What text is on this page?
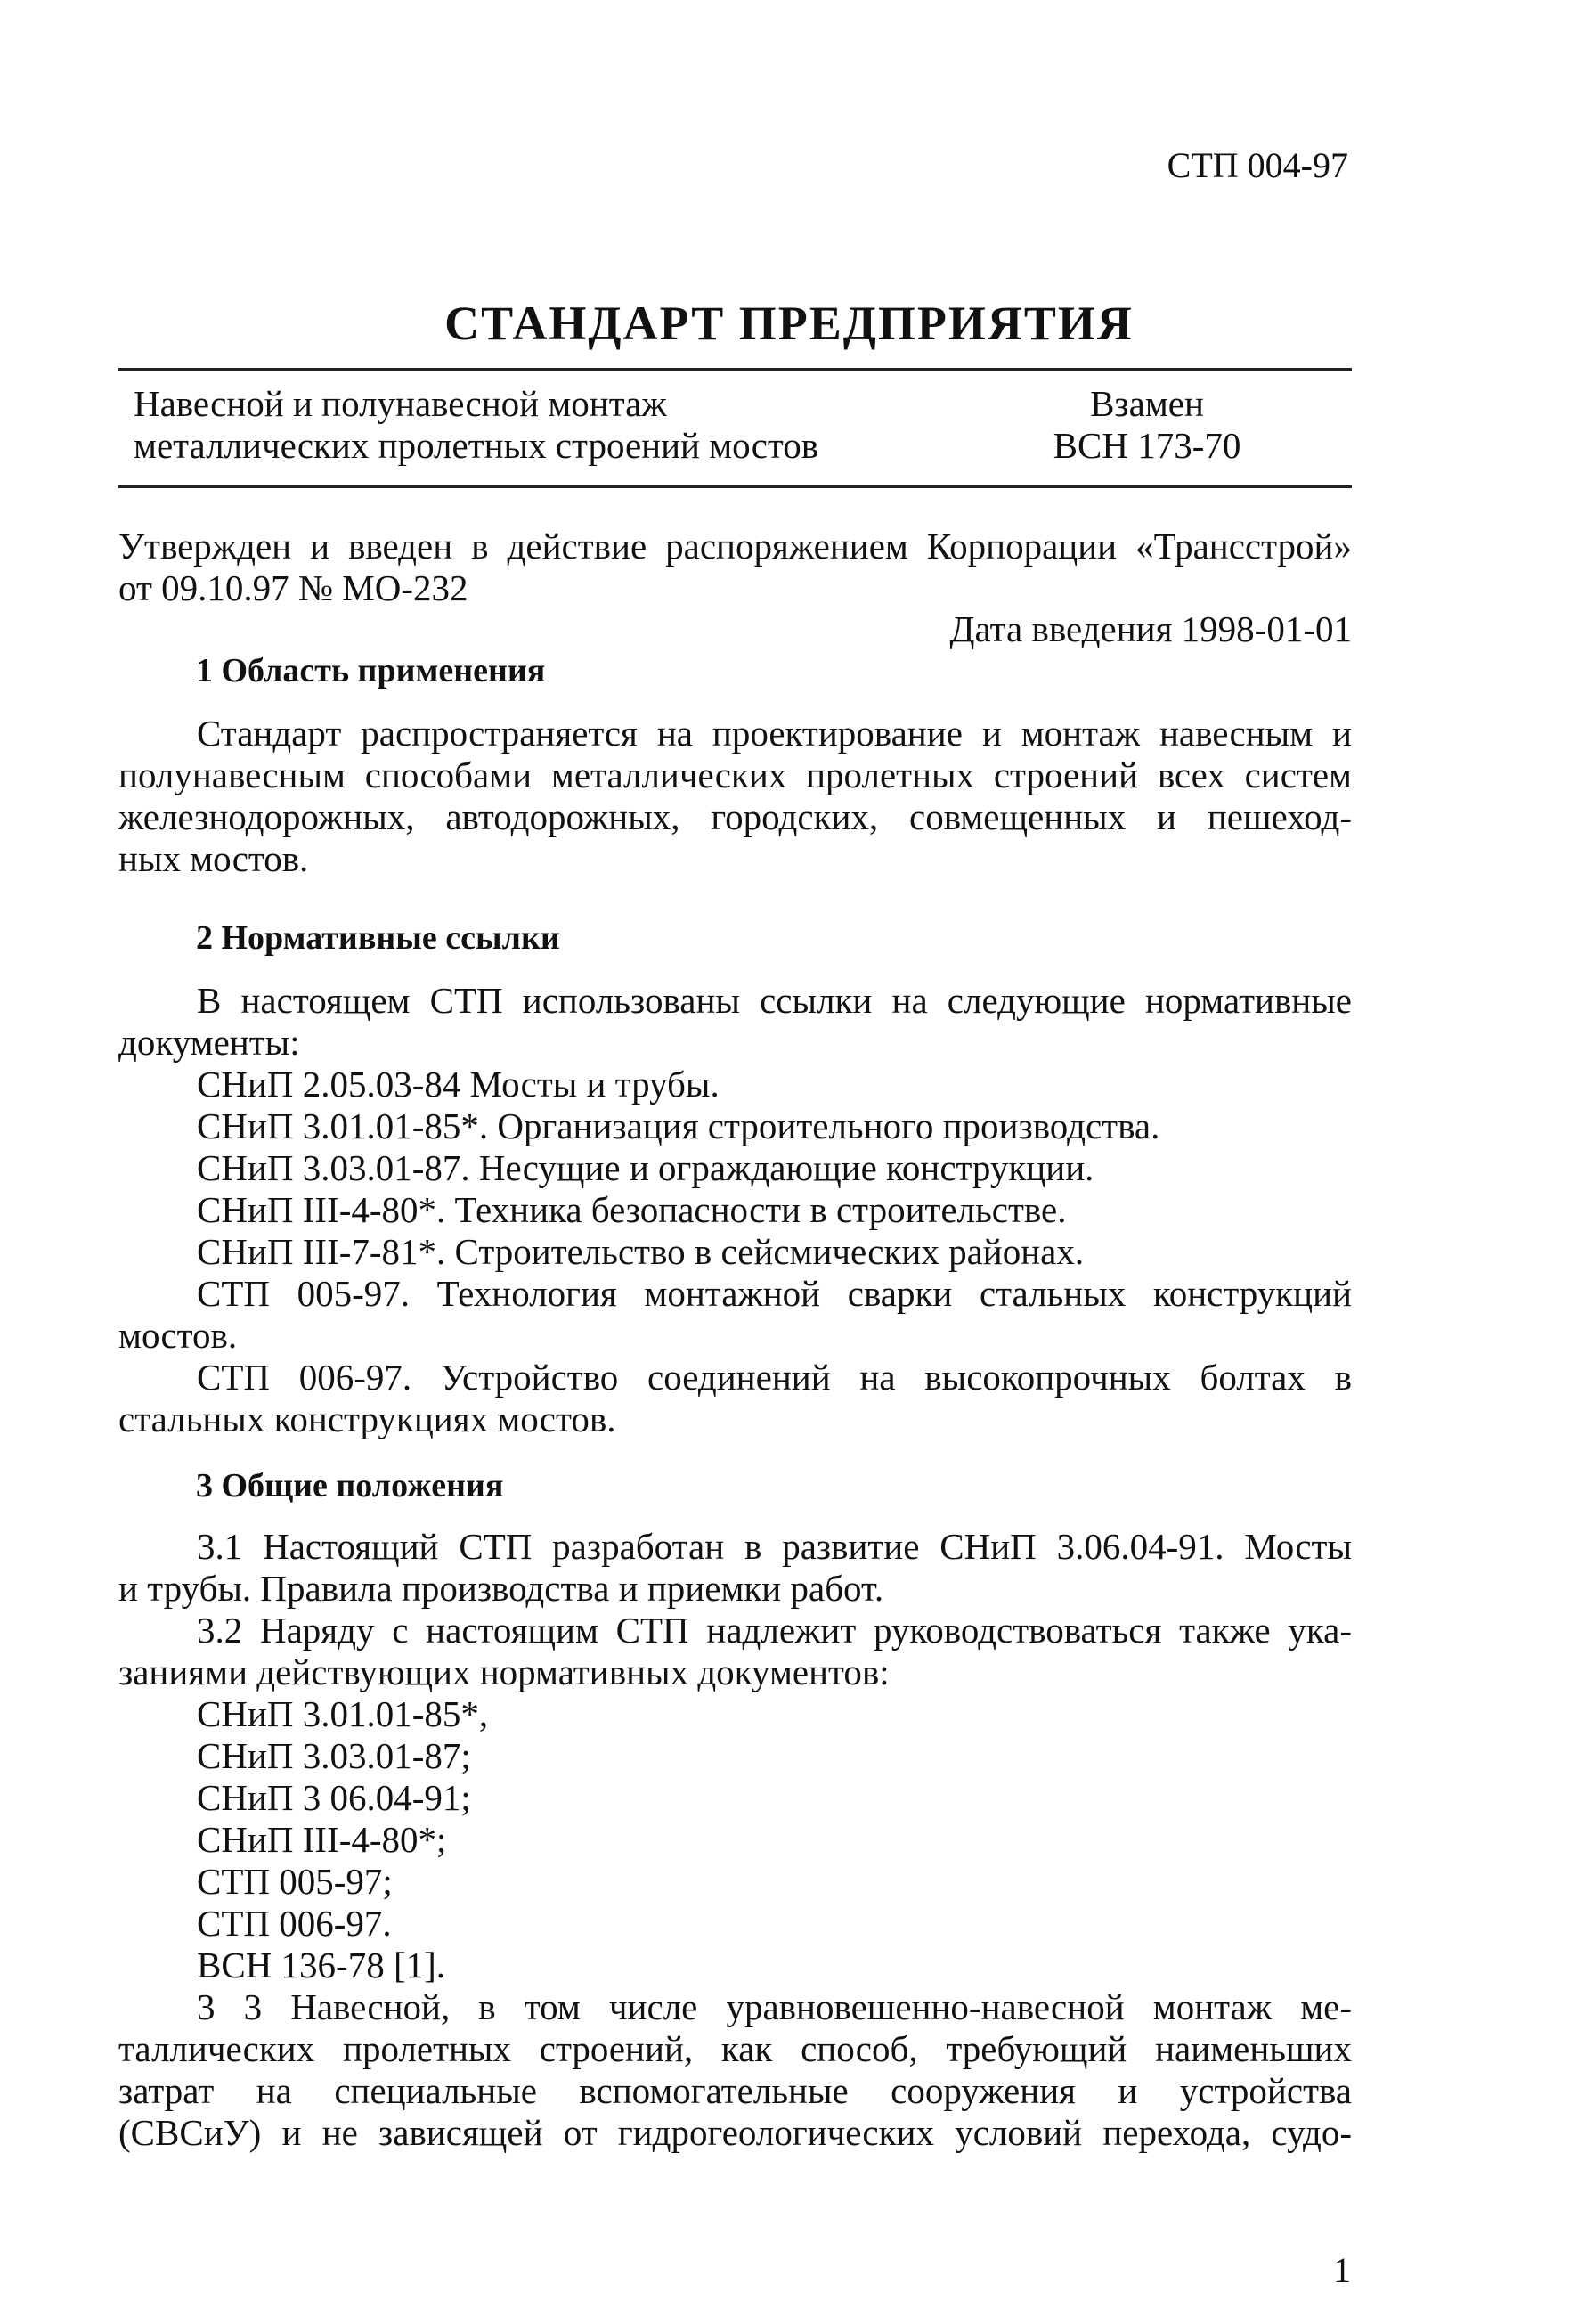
СТП 004-97
СТАНДАРТ ПРЕДПРИЯТИЯ
Навесной и полунавесной монтаж
металлических пролетных строений мостов
Взамен
ВСН 173-70
Утвержден и введен в действие распоряжением Корпорации «Трансстрой»
от 09.10.97 № МО-232
Дата введения 1998-01-01
1 Область применения
Стандарт распространяется на проектирование и монтаж навесным и
полунавесным способами металлических пролетных строений всех систем
железнодорожных, автодорожных, городских, совмещенных и пешеход-
ных мостов.
2 Нормативные ссылки
В настоящем СТП использованы ссылки на следующие нормативные
документы:
СНиП 2.05.03-84 Мосты и трубы.
СНиП 3.01.01-85*. Организация строительного производства.
СНиП 3.03.01-87. Несущие и ограждающие конструкции.
СНиП III-4-80*. Техника безопасности в строительстве.
СНиП III-7-81*. Строительство в сейсмических районах.
СТП 005-97. Технология монтажной сварки стальных конструкций
мостов.
СТП 006-97. Устройство соединений на высокопрочных болтах в
стальных конструкциях мостов.
3 Общие положения
3.1 Настоящий СТП разработан в развитие СНиП 3.06.04-91. Мосты
и трубы. Правила производства и приемки работ.
3.2 Наряду с настоящим СТП надлежит руководствоваться также ука-
заниями действующих нормативных документов:
СНиП 3.01.01-85*,
СНиП 3.03.01-87;
СНиП 3 06.04-91;
СНиП III-4-80*;
СТП 005-97;
СТП 006-97.
ВСН 136-78 [1].
3 3 Навесной, в том числе уравновешенно-навесной монтаж ме-
таллических пролетных строений, как способ, требующий наименьших
затрат на специальные вспомогательные сооружения и устройства
(СВСиУ) и не зависящей от гидрогеологических условий перехода, судо-
1
